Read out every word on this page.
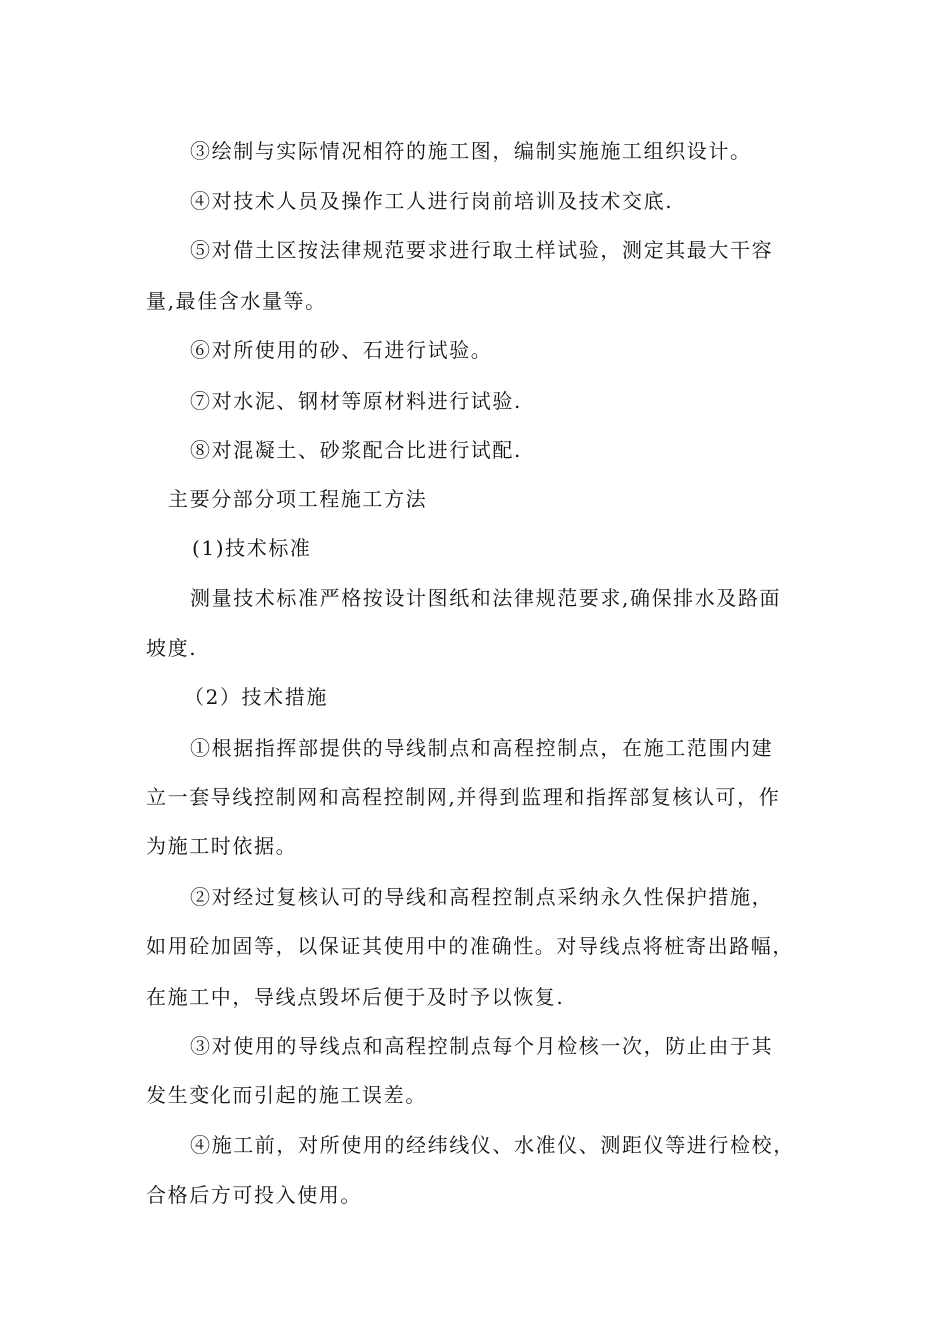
③绘制与实际情况相符的施工图，编制实施施工组织设计。
④对技术人员及操作工人进行岗前培训及技术交底.
⑤对借土区按法律规范要求进行取土样试验，测定其最大干容
量,最佳含水量等。
⑥对所使用的砂、石进行试验。
⑦对水泥、钢材等原材料进行试验.
⑧对混凝土、砂浆配合比进行试配.
主要分部分项工程施工方法
(1)技术标准
测量技术标准严格按设计图纸和法律规范要求,确保排水及路面
坡度.
（2）技术措施
①根据指挥部提供的导线制点和高程控制点，在施工范围内建
立一套导线控制网和高程控制网,并得到监理和指挥部复核认可，作
为施工时依据。
②对经过复核认可的导线和高程控制点采纳永久性保护措施，
如用砼加固等，以保证其使用中的准确性。对导线点将桩寄出路幅，
在施工中，导线点毁坏后便于及时予以恢复.
③对使用的导线点和高程控制点每个月检核一次，防止由于其
发生变化而引起的施工误差。
④施工前，对所使用的经纬线仪、水准仪、测距仪等进行检校，
合格后方可投入使用。
